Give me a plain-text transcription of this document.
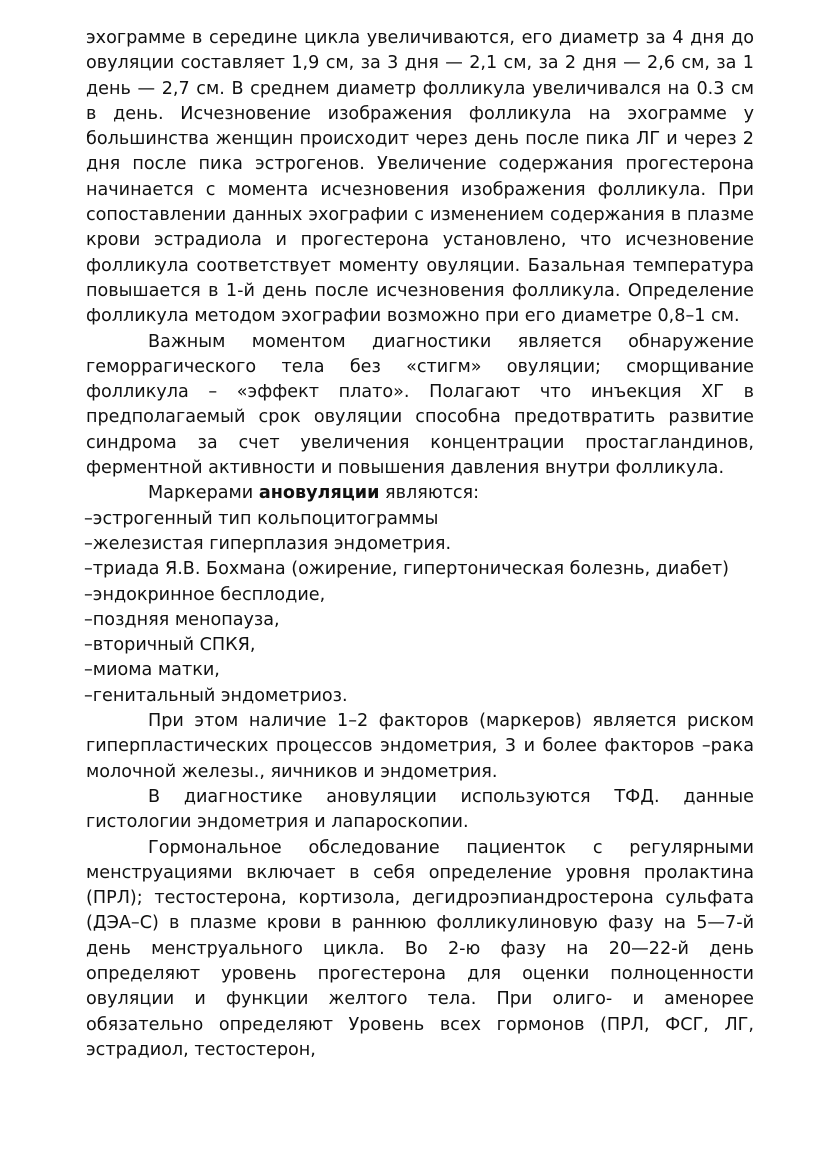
эхограмме в середине цикла увеличиваются, его диаметр за 4 дня до овуляции составляет 1,9 см, за 3 дня — 2,1 см, за 2 дня — 2,6 см, за 1 день — 2,7 см. В среднем диаметр фолликула увеличивался на 0.3 см в день. Исчезновение изображения фолликула на эхограмме у большинства женщин происходит через день после пика ЛГ и через 2 дня после пика эстрогенов. Увеличение содержания прогестерона начинается с момента исчезновения изображения фолликула. При сопоставлении данных эхографии с изменением содержания в плазме крови эстрадиола и прогестерона установлено, что исчезновение фолликула соответствует моменту овуляции. Базальная температура повышается в 1-й день после исчезновения фолликула. Определение фолликула методом эхографии возможно при его диаметре 0,8–1 см.

Важным моментом диагностики является обнаружение геморрагического тела без «стигм» овуляции; сморщивание фолликула – «эффект плато». Полагают что инъекция ХГ в предполагаемый срок овуляции способна предотвратить развитие синдрома за счет увеличения концентрации простагландинов, ферментной активности и повышения давления внутри фолликула.

Маркерами ановуляции являются:

–эстрогенный тип кольпоцитограммы
–железистая гиперплазия эндометрия.
–триада Я.В. Бохмана (ожирение, гипертоническая болезнь, диабет)
–эндокринное бесплодие,
–поздняя менопауза,
–вторичный СПКЯ,
–миома матки,
–генитальный эндометриоз.

При этом наличие 1–2 факторов (маркеров) является риском гиперпластических процессов эндометрия, 3 и более факторов –рака молочной железы., яичников и эндометрия.

В диагностике ановуляции используются ТФД. данные гистологии эндометрия и лапароскопии.

Гормональное обследование пациенток с регулярными менструациями включает в себя определение уровня пролактина (ПРЛ); тестостерона, кортизола, дегидроэпиандростерона сульфата (ДЭА–С) в плазме крови в раннюю фолликулиновую фазу на 5—7-й день менструального цикла. Во 2-ю фазу на 20—22-й день определяют уровень прогестерона для оценки полноценности овуляции и функции желтого тела. При олиго- и аменорее обязательно определяют Уровень всех гормонов (ПРЛ, ФСГ, ЛГ, эстрадиол, тестостерон,
